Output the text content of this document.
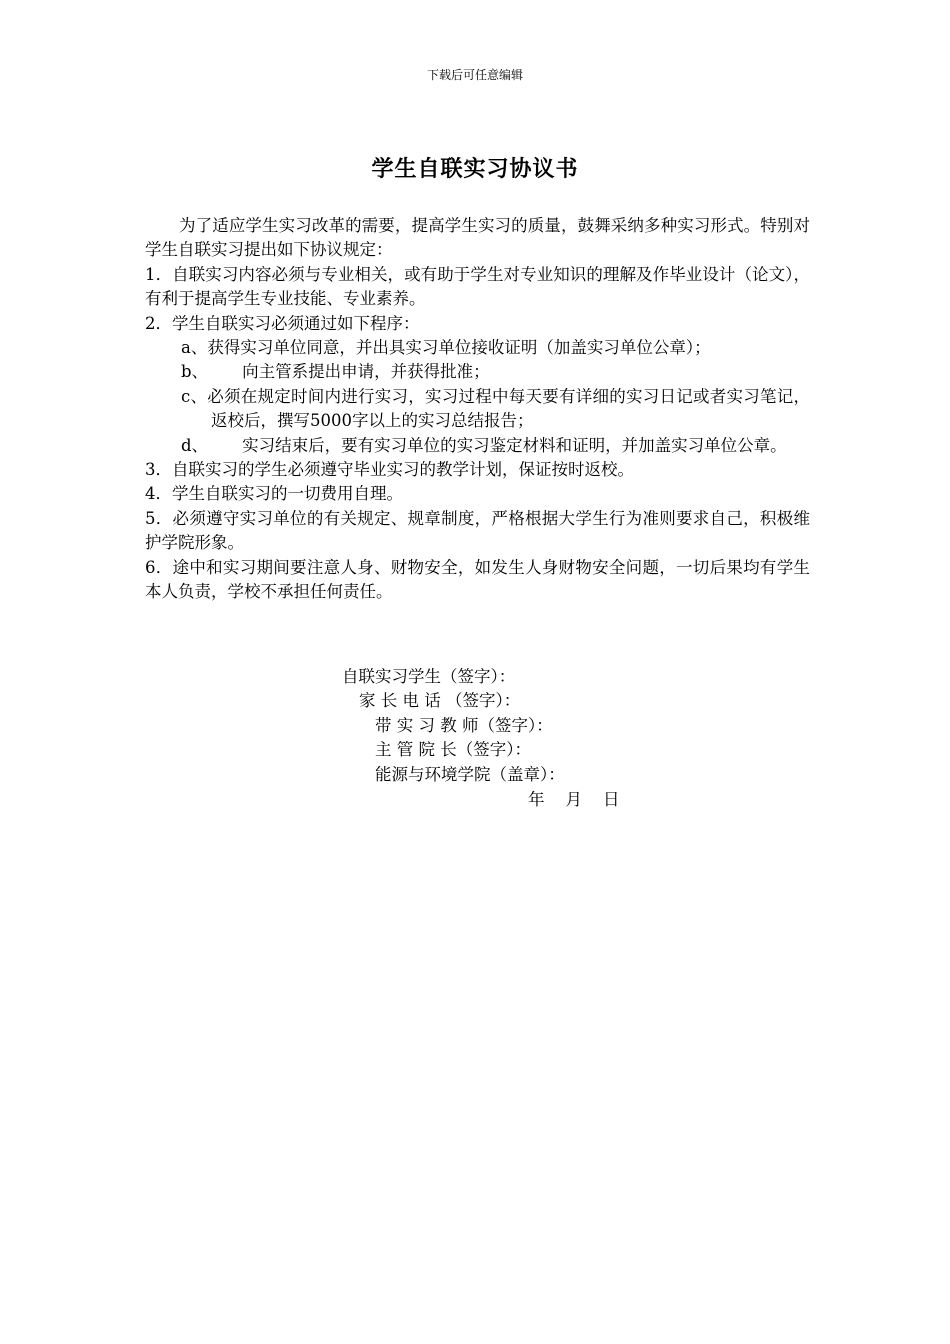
下载后可任意编辑
学生自联实习协议书

为了适应学生实习改革的需要，提高学生实习的质量，鼓舞采纳多种实习形式。特别对学生自联实习提出如下协议规定：

1．自联实习内容必须与专业相关，或有助于学生对专业知识的理解及作毕业设计（论文），有利于提高学生专业技能、专业素养。

2．学生自联实习必须通过如下程序：

a、获得实习单位同意，并出具实习单位接收证明（加盖实习单位公章）；

b、 向主管系提出申请，并获得批准；

c、必须在规定时间内进行实习，实习过程中每天要有详细的实习日记或者实习笔记，返校后，撰写5000字以上的实习总结报告；

d、 实习结束后，要有实习单位的实习鉴定材料和证明，并加盖实习单位公章。

3．自联实习的学生必须遵守毕业实习的教学计划，保证按时返校。

4．学生自联实习的一切费用自理。

5．必须遵守实习单位的有关规定、规章制度，严格根据大学生行为准则要求自己，积极维护学院形象。

6．途中和实习期间要注意人身、财物安全，如发生人身财物安全问题，一切后果均有学生本人负责，学校不承担任何责任。

自联实习学生（签字）：
家 长 电 话 （签字）：
带 实 习 教 师（签字）：
主 管 院 长（签字）：
能源与环境学院（盖章）：
年    月    日
